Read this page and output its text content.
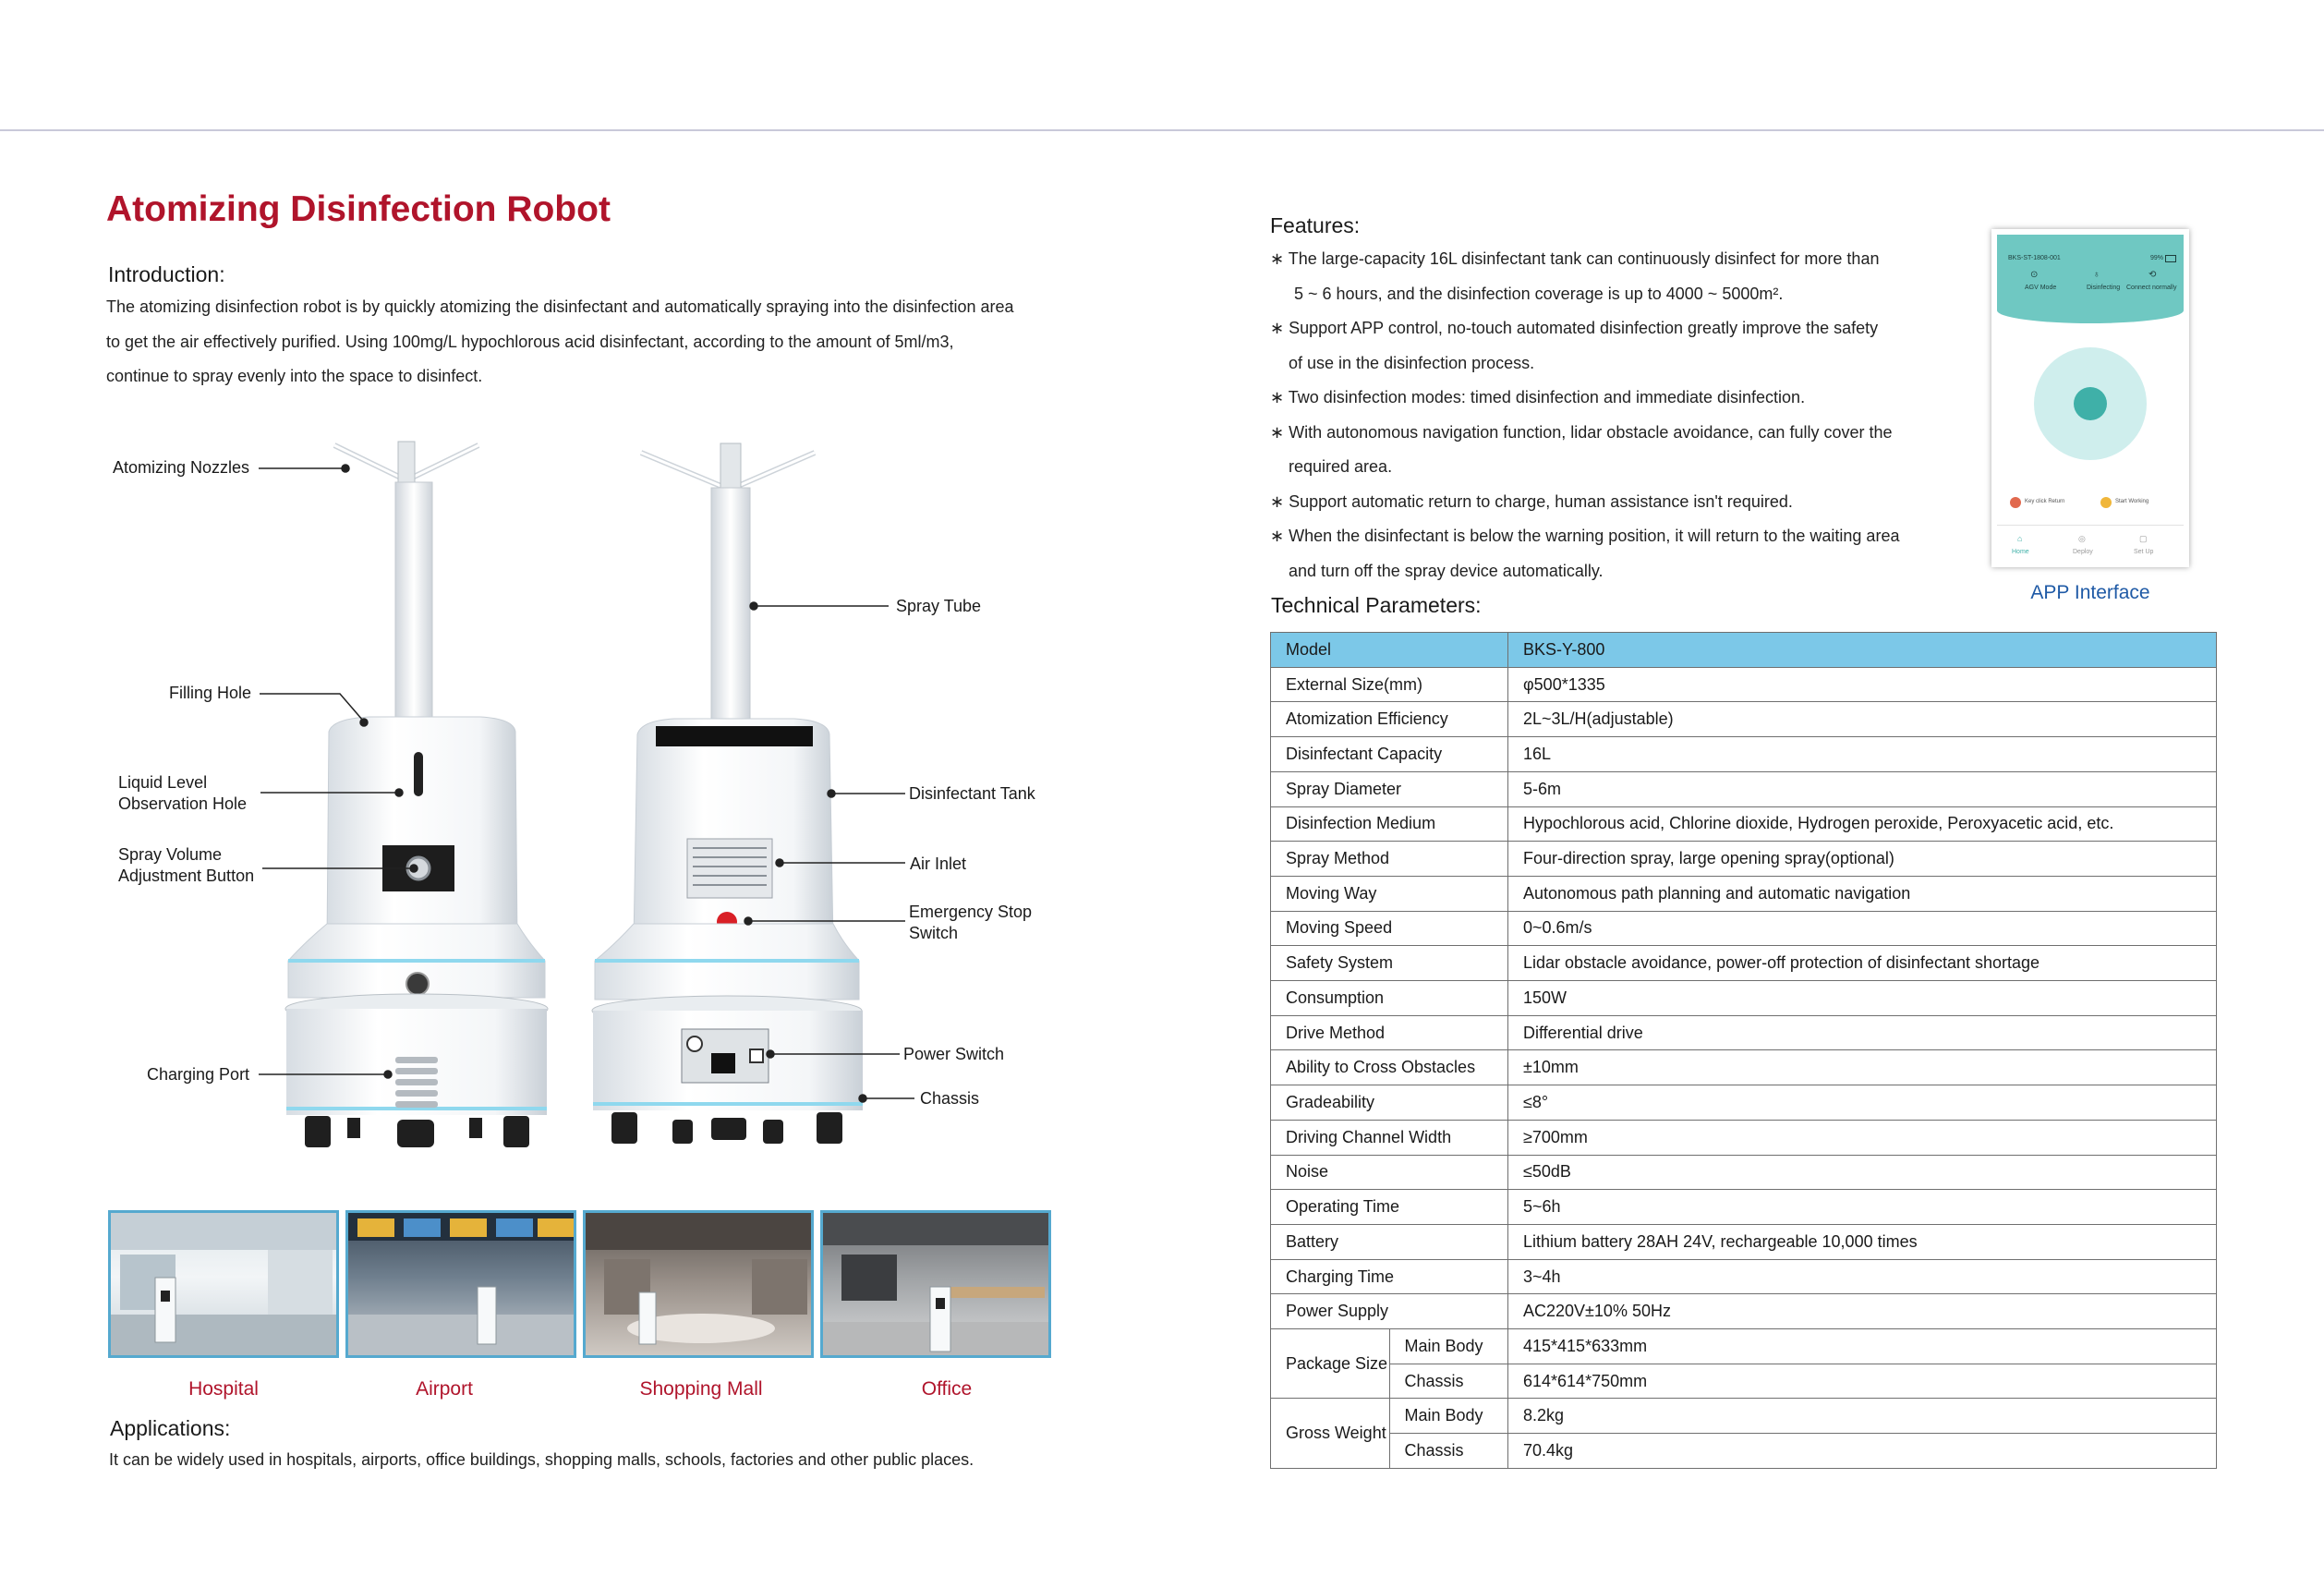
Atomizing Disinfection Robot
Introduction:
The atomizing disinfection robot is by quickly atomizing the disinfectant and automatically spraying into the disinfection area
to get the air effectively purified. Using 100mg/L hypochlorous acid disinfectant, according to the amount of 5ml/m3,
continue to spray evenly into the space to disinfect.
Atomizing Nozzles
Filling Hole
Liquid Level
Observation Hole
Spray Volume
Adjustment Button
Charging Port
Spray Tube
Disinfectant Tank
Air Inlet
Emergency Stop
Switch
Power Switch
Chassis
Hospital	Airport	Shopping Mall	Office
Applications:
It can be widely used in hospitals, airports, office buildings, shopping malls, schools, factories and other public places.
Features:
∗ The large-capacity 16L disinfectant tank can continuously disinfect for more than
5 ~ 6 hours, and the disinfection coverage is up to 4000 ~ 5000m².
∗ Support APP control, no-touch automated disinfection greatly improve the safety
of use in the disinfection process.
∗ Two disinfection modes: timed disinfection and immediate disinfection.
∗ With autonomous navigation function, lidar obstacle avoidance, can fully cover the
required area.
∗ Support automatic return to charge, human assistance isn't required.
∗ When the disinfectant is below the warning position, it will return to the waiting area
and turn off the spray device automatically.
BKS-ST-1808-001	99%
AGV Mode	Disinfecting Connect normally
⊙	♁	⟲
Key click Return	Start Working
⌂	◎	▢
Home	Deploy	Set Up
APP Interface
Technical Parameters:
Model		BKS-Y-800
External Size(mm)		φ500*1335
Atomization Efficiency		2L~3L/H(adjustable)
Disinfectant Capacity		16L
Spray Diameter		5-6m
Disinfection Medium		Hypochlorous acid, Chlorine dioxide, Hydrogen peroxide, Peroxyacetic acid, etc.
Spray Method		Four-direction spray, large opening spray(optional)
Moving Way		Autonomous path planning and automatic navigation
Moving Speed		0~0.6m/s
Safety System		Lidar obstacle avoidance, power-off protection of disinfectant shortage
Consumption		150W
Drive Method		Differential drive
Ability to Cross Obstacles		±10mm
Gradeability		≤8°
Driving Channel Width		≥700mm
Noise		≤50dB
Operating Time		5~6h
Battery		Lithium battery 28AH 24V, rechargeable 10,000 times
Charging Time		3~4h
Power Supply		AC220V±10% 50Hz
Package Size	Main Body	415*415*633mm
	Chassis	614*614*750mm
Gross Weight	Main Body	8.2kg
	Chassis	70.4kg
